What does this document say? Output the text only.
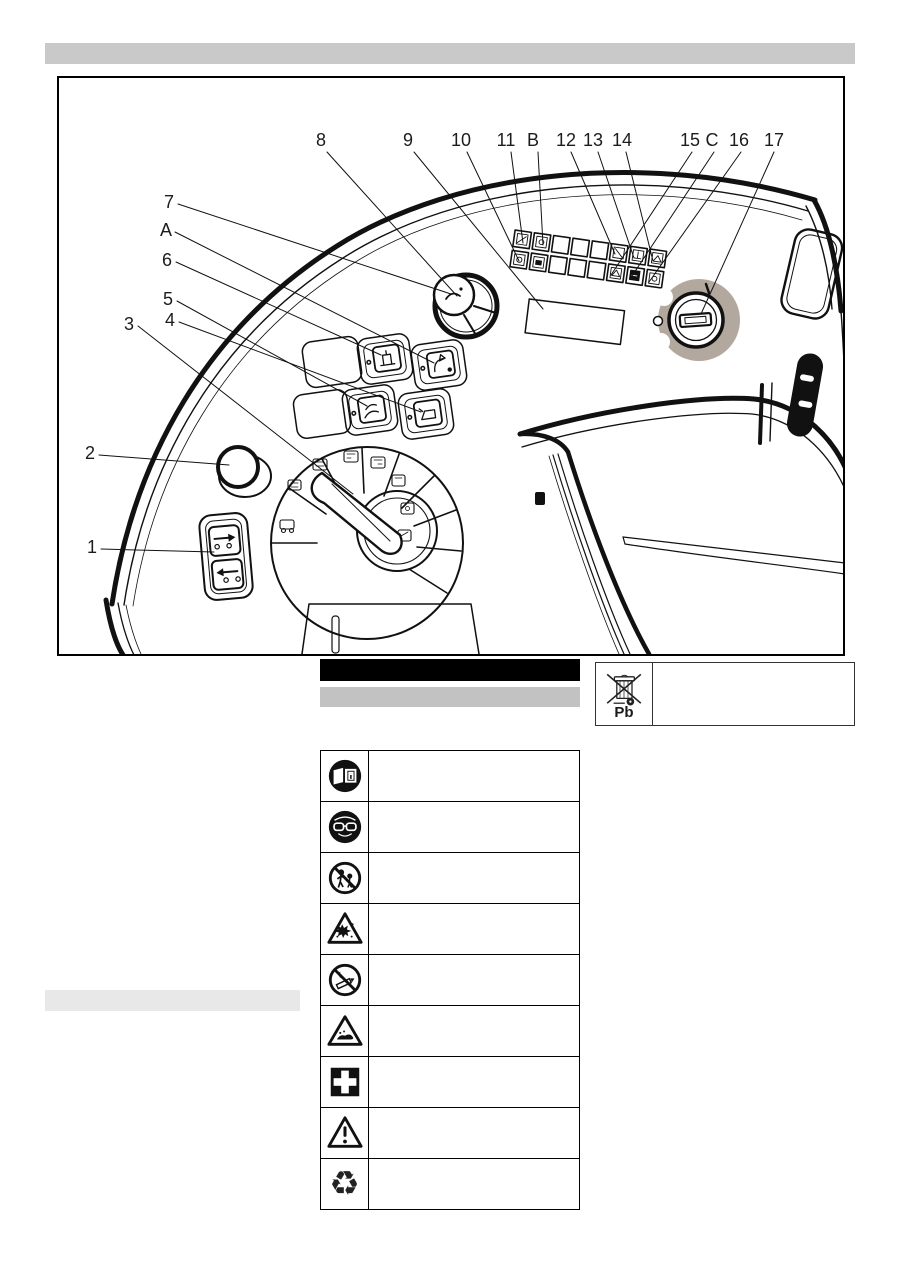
8	9 10 11 B 12 13 14	15 C 16 17
7
A
6
5
4
3
2
1
Pb
♻
